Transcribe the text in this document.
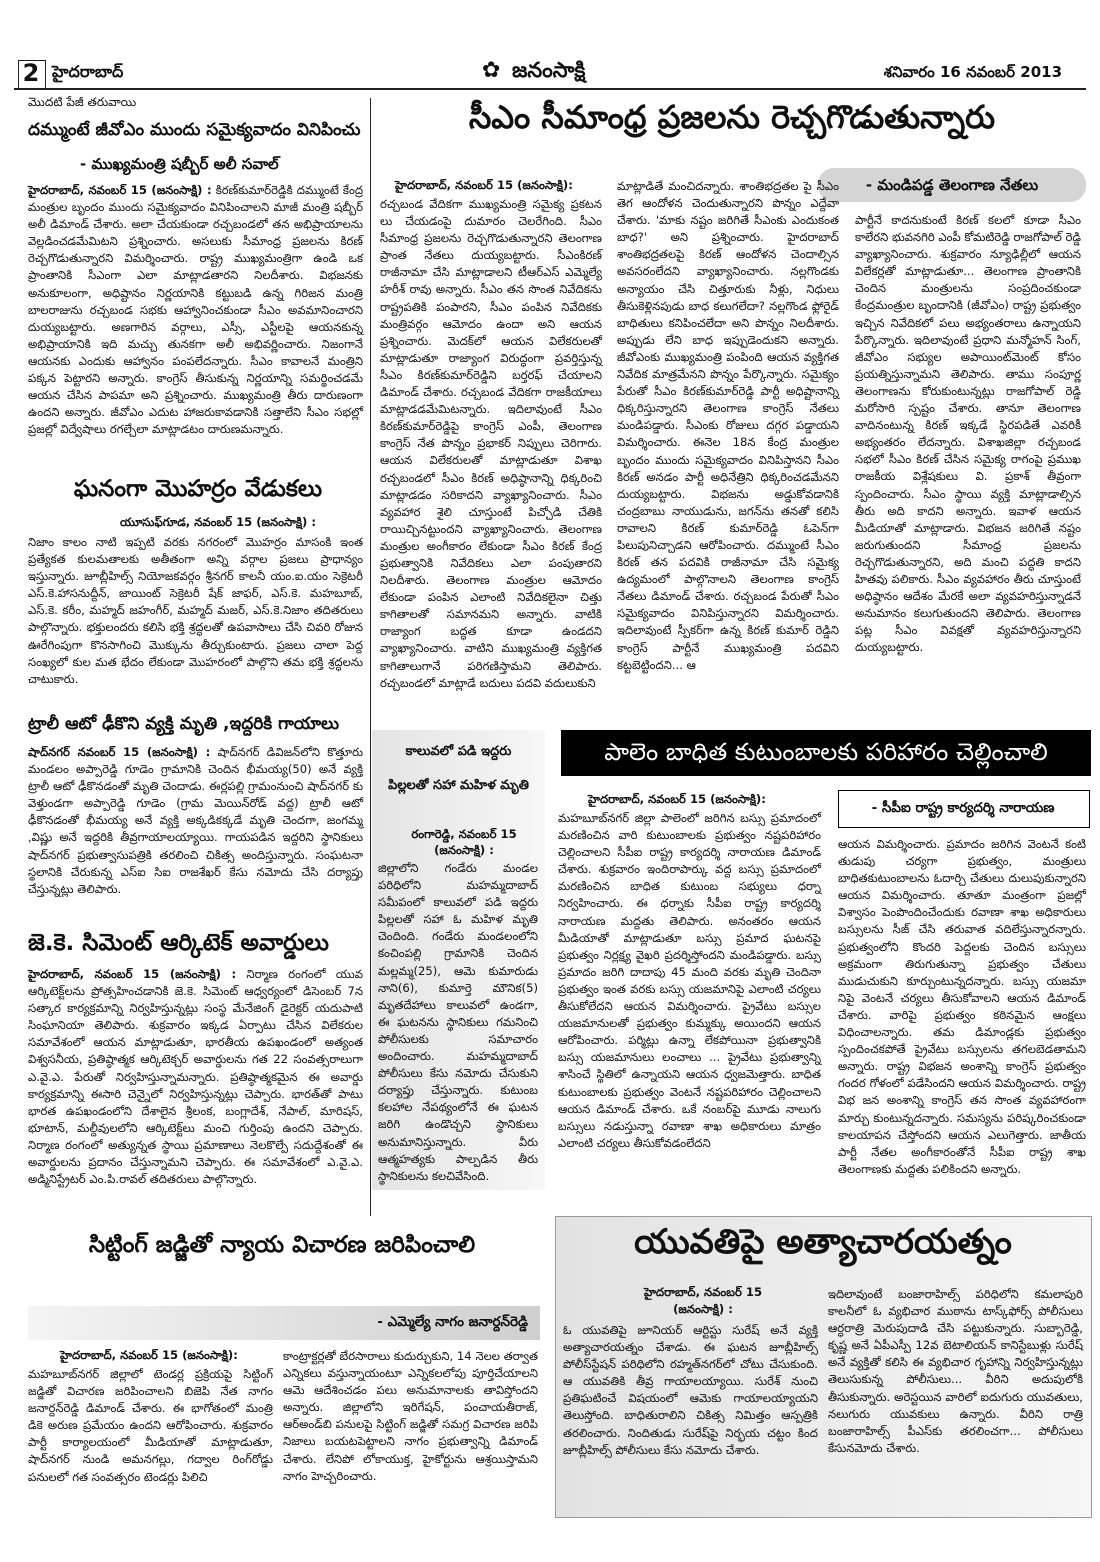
2 హైదరాబాద్	✿ జనంసాక్షి	శనివారం 16 నవంబర్ 2013
మొదటి పేజీ తరువాయి
దమ్ముంటే జీవోఎం ముందు సమైక్యవాదం వినిపించు
- ముఖ్యమంత్రి షబ్బీర్ అలీ సవాల్
హైదరాబాద్, నవంబర్ 15 (జనంసాక్షి) : కిరణ్‌కుమార్‌రెడ్డికి దమ్ముంటే కేంద్ర మంత్రుల బృందం ముందు సమైక్యవాదం వినిపించాలని మాజీ మంత్రి షబ్బీర్ అలీ డిమాండ్ చేశారు. అలా చేయకుండా రచ్చబండలో తన అభిప్రాయాలను వెల్లడించడమేమిటని ప్రశ్నించారు. అసలుకు సీమాంధ్ర ప్రజలను కిరణ్ రెచ్చగొడుతున్నారని విమర్శించారు. రాష్ట్ర ముఖ్యమంత్రిగా ఉండి ఒక ప్రాంతానికి సీఎంగా ఎలా మాట్లాడతారని నిలదీశారు. విభజనకు అనుకూలంగా, అధిష్టానం నిర్ణయానికి కట్టుబడి ఉన్న గిరిజన మంత్రి బాలరాజును రచ్చబండ సభకు ఆహ్వానించకుండా సీఎం అవమానించారని దుయ్యబట్టారు. అణగారిన వర్గాలు, ఎస్సీ, ఎస్టీలపై ఆయనకున్న అభిప్రాయానికి ఇది మచ్చు తునకగా అలీ అభివర్ణించారు. నిజంగానే ఆయనకు ఎందుకు ఆహ్వానం పంపలేదన్నారు. సీఎం కావాలనే మంత్రిని పక్కన పెట్టారని అన్నారు. కాంగ్రెస్ తీసుకున్న నిర్ణయాన్ని సమర్థించడమే ఆయన చేసిన పాపమా అని ప్రశ్నించారు. ముఖ్యమంత్రి తీరు దారుణంగా ఉందని అన్నారు. జీవోఎం ఎదుట హాజరుకావడానికి సత్తాలేని సీఎం సభల్లో ప్రజల్లో విద్వేషాలు రగల్చేలా మాట్లాడటం దారుణమన్నారు.
ఘనంగా మొహర్రం వేడుకలు
యూసుఫ్‌గూడ, నవంబర్ 15 (జనంసాక్షి) :
నిజాం కాలం నాటి ఇప్పటి వరకు నగరంలో మొహర్రం మాసంకి ఇంత ప్రత్యేకత కులమతాలకు అతీతంగా అన్ని వర్గాల ప్రజలు ప్రాధాన్యం ఇస్తున్నారు. జూబ్లీహిల్స్ నియోజకవర్గం శ్రీనగర్ కాలనీ యం.ఐ.యం సెక్రెటరీ ఎస్.కె.హాసనుద్దీన్, జాయింట్ సెక్రెటరీ షేక్ జాఫర్, ఎస్.కె. మహబూబ్, ఎస్.కె. కరీం, మహ్మద్ జహంగీర్, మహ్మద్ మజర్, ఎస్.కె.నిజాం తదితరులు పాల్గొన్నారు. భక్తులందరు కలిసి భక్తి శ్రద్ధలతో ఉపవాసాలు చేసి చివరి రోజున ఊరేగింపుగా కొనసాగించి మొక్కును తీర్చుకుంటారు. ప్రజలు చాలా పెద్ద సంఖ్యలో కుల మత భేదం లేకుండా మొహరంలో పాల్గొని తమ భక్తి శ్రద్ధలను చాటుకారు.
ట్రాలీ ఆటో ఢీకొని వ్యక్తి మృతి ,ఇద్దరికి గాయాలు
షాద్‌నగర్ నవంబర్ 15 (జనంసాక్షి) : షాద్‌నగర్ డివిజన్‌లోని కొత్తూరు మండలం అప్పారెడ్డి గూడెం గ్రామానికి చెందిన భీమయ్య(50) అనే వ్యక్తి ట్రాలీ ఆటో ఢీకొనడంతో మృతి చెందాడు. ఈర్లపల్లి గ్రామంనుంచి షాద్‌నగర్ కు వెళ్తుండగా అప్పారెడ్డి గూడెం (గ్రామ మెయిన్‌రోడ్ వద్ద) ట్రాలీ ఆటో ఢీకొనడంతో భీమయ్య అనే వ్యక్తి అక్కడికక్కడే మృతి చెందగా, జంగమ్మ ,విష్ణు అనే ఇద్దరికి తీవ్రగాయాలయ్యాయి. గాయపడిన ఇద్దరిని స్థానికులు షాద్‌నగర్ ప్రభుత్వాసుపత్రికి తరలించి చికిత్స అందిస్తున్నారు. సంఘటనా స్థలానికి చేరుకున్న ఎస్ఐ సిఐ రాజశేఖర్ కేసు నమోదు చేసి దర్యాప్తు చేస్తున్నట్లు తెలిపారు.
జె.కె. సిమెంట్ ఆర్కిటెక్ అవార్డులు
హైదరాబాద్, నవంబర్ 15 (జనంసాక్షి) : నిర్మాణ రంగంలో యువ ఆర్కిటెక్ట్‌లను ప్రోత్సహించడానికి జె.కె. సిమెంట్ ఆధ్వర్యంలో డిసెంబర్ 7న సత్కార కార్యక్రమాన్ని నిర్వహిస్తున్నట్లు సంస్థ మేనేజింగ్ డైరెక్టర్ యదుపాటి సింఘానియా తెలిపారు. శుక్రవారం ఇక్కడ ఏర్పాటు చేసిన విలేకరుల సమావేశంలో ఆయన మాట్లాడుతూ, భారతీయ ఉపఖండంలో అత్యంత విశ్వసనీయ, ప్రతిష్ఠాత్మక ఆర్కిటెక్చర్ అవార్డులను గత 22 సంవత్సరాలుగా ఎ.వై.ఎ. పేరుతో నిర్వహిస్తున్నామన్నారు. ప్రతిష్ఠాత్మకమైన ఈ అవార్డు కార్యక్రమాన్ని ఈసారి చెన్నైలో నిర్వహిస్తున్నట్లు చెప్పారు. భారత్‌తో పాటు భారత ఉపఖండంలోని దేశాలైన శ్రీలంక, బంగ్లాదేశ్, నేపాల్, మారిషస్, భూటాన్, మల్దీవులలోని ఆర్కిటెక్ట్‌లు మంచి గుర్తింపు ఉందని చెప్పారు. నిర్మాణ రంగంలో అత్యున్నత స్థాయి ప్రమాణాలు నెలకొల్పే సదుద్దేశంతో ఈ అవార్డులను ప్రదానం చేస్తున్నామని చెప్పారు. ఈ సమావేశంలో ఎ.వై.ఎ. అడ్మినిస్ట్రేటర్ ఎం.పి.రావల్ తదితరులు పాల్గొన్నారు.
సీఎం సీమాంధ్ర ప్రజలను రెచ్చగొడుతున్నారు
- మండిపడ్డ తెలంగాణ నేతలు
హైదరాబాద్, నవంబర్ 15 (జనంసాక్షి):
రచ్చబండ వేదికగా ముఖ్యమంత్రి సమైక్య ప్రకటన లు చేయడంపై దుమారం చెలరేగింది. సీఎం సీమాంధ్ర ప్రజలను రెచ్చగొడుతున్నారని తెలంగాణ ప్రాంత నేతలు దుయ్యబట్టారు. సీఎంకిరణ్ రాజీనామా చేసి మాట్లాడాలని టీఆర్ఎస్ ఎమ్మెల్యే హరీశ్ రావు అన్నారు. సీఎం తన సొంత నివేదికను రాష్ట్రపతికి పంపారని, సీఎం పంపిన నివేదికకు మంత్రివర్గం ఆమోదం ఉందా అని ఆయన ప్రశ్నించారు. మెదక్‌లో ఆయన విలేకరులతో మాట్లాడుతూ రాజ్యాంగ విరుద్ధంగా ప్రవర్తిస్తున్న సీఎం కిరణ్‌కుమార్‌రెడ్డిని బర్తరఫ్ చేయాలని డిమాండ్ చేశారు. రచ్చబండ వేదికగా రాజకీయాలు మాట్లాడడమేమిటన్నారు. ఇదిలావుంటే సీఎం కిరణ్‌కుమార్‌రెడ్డిపై కాంగ్రెస్ ఎంపీ, తెలంగాణ కాంగ్రెస్ నేత పొన్నం ప్రభాకర్ నిప్పులు చెరిగారు. ఆయన విలేకరులతో మాట్లాడుతూ విశాఖ రచ్చబండలో సీఎం కిరణ్ అధిష్ఠానాన్ని ధిక్కరించి మాట్లాడడం సరికాదని వ్యాఖ్యానించారు. సీఎం వ్యవహార శైలి చూస్తుంటే పిచ్చోడి చేతికి రాయిచ్చినట్టుందని వ్యాఖ్యానించారు. తెలంగాణ మంత్రుల అంగీకారం లేకుండా సీఎం కిరణ్ కేంద్ర ప్రభుత్వానికి నివేదికలు ఎలా పంపుతారని నిలదీశారు. తెలంగాణ మంత్రుల ఆమోదం లేకుండా పంపిన ఎలాంటి నివేదికలైనా చిత్తు కాగితాలతో సమానమని అన్నారు. వాటికి రాజ్యాంగ బద్ధత కూడా ఉండదని వ్యాఖ్యానించారు. వాటిని ముఖ్యమంత్రి వ్యక్తిగత కాగితాలుగానే పరిగణిస్తామని తెలిపారు. రచ్చబండలో మాట్లాడే బదులు పదవి వదులుకుని
మాట్లాడితే మంచిదన్నారు. శాంతిభద్రతల పై సీఎం తెగ ఆందోళన చెందుతున్నారని పొన్నం ఎద్దేవా చేశారు. 'మాకు నష్టం జరిగితే సీఎంకు ఎందుకంత బాధ?' అని ప్రశ్నించారు. హైదరాబాద్ శాంతిభద్రతలపై కిరణ్ ఆందోళన చెందాల్సిన అవసరంలేదని వ్యాఖ్యానించారు. నల్లగొండకు అన్యాయం చేసి చిత్తూరుకు నీళ్లు, నిధులు తీసుకెళ్లినపుడు బాధ కలుగలేదా? నల్లగొండ ఫ్లోరైడ్ బాధితులు కనిపించలేదా అని పొన్నం నిలదీశారు. అప్పుడు లేని బాధ ఇప్పుడెందుకని అన్నారు. జీవోఎంకు ముఖ్యమంత్రి పంపింది ఆయన వ్యక్తిగత నివేదిక మాత్రమేనని పొన్నం పేర్కొన్నారు. సమైక్యం పేరుతో సీఎం కిరణ్‌కుమార్‌రెడ్డి పార్టీ అధిష్టానాన్ని ధిక్కరిస్తున్నారని తెలంగాణ కాంగ్రెస్ నేతలు మండిపడ్డారు. సీఎంకు రోజులు దగ్గర పడ్డాయని విమర్శించారు. ఈనెల 18న కేంద్ర మంత్రుల బృందం ముందు సమైక్యవాదం వినిపిస్తానని సీఎం కిరణ్ అనడం పార్టీ అధినేత్రిని ధిక్కరించడమేనని దుయ్యబట్టారు. విభజను అడ్డుకోవడానికి చంద్రబాబు నాయుడును, జగన్‌ను తనతో కలిసి రావాలని కిరణ్ కుమార్‌రెడ్డి ఓపెన్‌గా పిలుపునిచ్చాడని ఆరోపించారు. దమ్ముంటే సీఎం కిరణ్ తన పదవికి రాజీనామా చేసి సమైక్య ఉద్యమంలో పాల్గొనాలని తెలంగాణ కాంగ్రెస్ నేతలు డిమాండ్ చేశారు. రచ్చబండ పేరుతో సీఎం సమైక్యవాదం వినిపిస్తున్నారని విమర్శించారు. ఇదిలావుంటే స్పీకర్‌గా ఉన్న కిరణ్ కుమార్ రెడ్డిని కాంగ్రెస్ పార్టీనే ముఖ్యమంత్రి పదవిని కట్టబెట్టిందని... ఆ
పార్టీనే కాదనుకుంటే కిరణ్ కలలో కూడా సీఎం కాలేరని భువనగిరి ఎంపీ కోమటిరెడ్డి రాజగోపాల్ రెడ్డి వ్యాఖ్యానించారు. శుక్రవారం న్యూఢిల్లీలో ఆయన విలేకర్లతో మాట్లాడుతూ... తెలంగాణ ప్రాంతానికి చెందిన మంత్రులను సంప్రదించకుండా కేంద్రమంత్రుల బృందానికి (జీవోఎం) రాష్ట్ర ప్రభుత్వం ఇచ్చిన నివేదికలో పలు అభ్యంతరాలు ఉన్నాయని పేర్కొన్నారు. ఇదిలావుంటే ప్రధాని మన్మోహన్ సింగ్, జీవోఎం సభ్యుల అపాయింట్‌మెంట్ కోసం ప్రయత్నిస్తున్నామని తెలిపారు. తాము సంపూర్ణ తెలంగాణను కోరుకుంటున్నట్లు రాజగోపాల్ రెడ్డి మరోసారి స్పష్టం చేశారు. తానూ తెలంగాణ వాదినంటున్న కిరణ్ ఇక్కడే స్థిరపడితే ఎవరికీ అభ్యంతరం లేదన్నారు. విశాఖజిల్లా రచ్చబండ సభలో సీఎం కిరణ్ చేసిన సమైక్య రాగంపై ప్రముఖ రాజకీయ విశ్లేషకులు వి. ప్రకాశ్ తీవ్రంగా స్పందించారు. సీఎం స్థాయి వ్యక్తి మాట్లాడాల్సిన తీరు అది కాదని అన్నారు. ఇవాళ ఆయన మీడియాతో మాట్లాడారు. విభజన జరిగితే నష్టం జరుగుతుందని సీమాంధ్ర ప్రజలను రెచ్చగొడుతున్నారని, అది మంచి పద్ధతి కాదని హితవు పలికారు. సీఎం వ్యవహారం తీరు చూస్తుంటే అధిష్ఠానం ఆదేశం మేరకే అలా వ్యవహరిస్తున్నాడనే అనుమానం కలుగుతుందని తెలిపారు. తెలంగాణ పట్ల సీఎం వివక్షతో వ్యవహరిస్తున్నారని దుయ్యబట్టారు.
కాలువలో పడి ఇద్దరు
పిల్లలతో సహా మహిళ మృతి
రంగారెడ్డి, నవంబర్ 15 (జనంసాక్షి) :
జిల్లాలోని గండేరు మండల పరిధిలోని మహమ్మదాబాద్ సమీపంలో కాలువలో పడి ఇద్దరు పిల్లలతో సహా ఓ మహిళ మృతి చెందింది. గండేరు మండలంలోని కంచింపల్లి గ్రామానికి చెందిన మల్లమ్మ(25), ఆమె కుమారుడు నాని(6), కుమార్తె మౌనిక(5) మృతదేహాలు కాలువలో ఉండగా, ఈ ఘటనను స్థానికులు గమనించి పోలీసులకు సమాచారం అందించారు. మహమ్మదాబాద్ పోలీసులు కేసు నమోదు చేసుకుని దర్యాప్తు చేస్తున్నారు. కుటుంబ కలహాల నేపథ్యంలోనే ఈ ఘటన జరిగి ఉండొచ్చని స్థానికులు అనుమానిస్తున్నారు. వీరు ఆత్మహత్యకు పాల్పడిన తీరు స్థానికులను కలచివేసింది.
పాలెం బాధిత కుటుంబాలకు పరిహారం చెల్లించాలి
- సీపీఐ రాష్ట్ర కార్యదర్శి నారాయణ
హైదరాబాద్, నవంబర్ 15 (జనంసాక్షి):
మహబూబ్‌నగర్ జిల్లా పాలెంలో జరిగిన బస్సు ప్రమాదంలో మరణించిన వారి కుటుంబాలకు ప్రభుత్వం నష్టపరిహారం చెల్లించాలని సీపీఐ రాష్ట్ర కార్యదర్శి నారాయణ డిమాండ్ చేశారు. శుక్రవారం ఇందిరాపార్కు వద్ద బస్సు ప్రమాదంలో మరణించిన బాధిత కుటుంబ సభ్యులు ధర్నా నిర్వహించారు. ఈ ధర్నాకు సీపీఐ రాష్ట్ర కార్యదర్శి నారాయణ మద్దతు తెలిపారు. అనంతరం ఆయన మీడియాతో మాట్లాడుతూ బస్సు ప్రమాద ఘటనపై ప్రభుత్వం నిర్లక్ష్య వైఖరి ప్రదర్శిస్తోందని మండిపడ్డారు. బస్సు ప్రమాదం జరిగి దాదాపు 45 మంది వరకు మృతి చెందినా ప్రభుత్వం ఇంత వరకు బస్సు యజమానిపై ఎలాంటి చర్యలు తీసుకోలేదని ఆయన విమర్శించారు. ప్రైవేటు బస్సుల యజమానులతో ప్రభుత్వం కుమ్మక్కు అయిందని ఆయన ఆరోపించారు. పర్మిట్లు ఉన్నా లేకపోయినా ప్రభుత్వానికి బస్సు యజమానులు లంచాలు ... ప్రైవేటు ప్రభుత్వాన్ని శాసించే స్థితిలో ఉన్నాయని ఆయన ధ్వజమెత్తారు. బాధిత కుటుంబాలకు ప్రభుత్వం వెంటనే నష్టపరిహారం చెల్లించాలని ఆయన డిమాండ్ చేశారు. ఒకే నంబర్‌పై మూడు నాలుగు బస్సులు నడుస్తున్నా రవాణా శాఖ అధికారులు మాత్రం ఎలాంటి చర్యలు తీసుకోవడంలేదని
ఆయన విమర్శించారు. ప్రమాదం జరిగిన వెంటనే కంటి తుడుపు చర్యగా ప్రభుత్వం, మంత్రులు బాధితకుటుంబాలను ఓదార్చి చేతులు దులుపుకున్నారని ఆయన విమర్శించారు. తూతూ మంత్రంగా ప్రజల్లో విశ్వాసం పెంపొందించేందుకు రవాణా శాఖ అధికారులు బస్సులను సీజ్ చేసి తరువాత వదిలేస్తున్నారన్నారు. ప్రభుత్వంలోని కొందరి పెద్దలకు చెందిన బస్సులు అక్రమంగా తిరుగుతున్నా ప్రభుత్వం చేతులు ముడుచుకుని కూర్చుంటున్నదన్నారు. బస్సు యజమా నిపై వెంటనే చర్యలు తీసుకోవాలని ఆయన డిమాండ్ చేశారు. వారిపై ప్రభుత్వం కఠినమైన ఆంక్షలు విధించాలన్నారు. తమ డిమాండ్లకు ప్రభుత్వం స్పందించకపోతే ప్రైవేటు బస్సులను తగలబెడతామని అన్నారు. రాష్ట్ర విభజన అంశాన్ని కాంగ్రెస్ ప్రభుత్వం గందర గోళంలో పడేసిందని ఆయన విమర్శించారు. రాష్ట్ర విభ జన అంశాన్ని కాంగ్రెస్ తన సొంత వ్యవహారంగా మార్చు కుంటున్నదన్నారు. సమస్యను పరిష్కరించకుండా కాలయాపన చేస్తోందని ఆయన ఎలుగెత్తారు. జాతీయ పార్టీ నేతల అంగీకారంతోనే సీపీఐ రాష్ట్ర శాఖ తెలంగాణకు మద్దతు పలికిందని అన్నారు.
సిట్టింగ్ జడ్జితో న్యాయ విచారణ జరిపించాలి
- ఎమ్మెల్యే నాగం జనార్దన్‌రెడ్డి
హైదరాబాద్, నవంబర్ 15 (జనంసాక్షి):
మహబూబ్‌నగర్ జిల్లాలో టెండర్ల ప్రక్రియపై సిట్టింగ్ జడ్జితో విచారణ జరిపించాలని బిజెపి నేత నాగం జనార్దన్‌రెడ్డి డిమాండ్ చేశారు. ఈ భాగోతంలో మంత్రి డికె అరుణ ప్రమేయం ఉందని ఆరోపించారు. శుక్రవారం పార్టీ కార్యాలయంలో మీడియాతో మాట్లాడుతూ, షాద్‌నగర్ నుండి అమనగల్లు, గద్వాల రింగ్‌రోడ్డు పనులలో గత సంవత్సరం టెండర్లు పిలిచి
కాంట్రాక్టర్లతో బేరసారాలు కుదుర్చుకుని, 14 నెలల తర్వాత ఎన్నికలు వస్తున్నాయంటూ ఎన్నికలలోపు పూర్తిచేయాలని ఆమె ఆదేశించడం పలు అనుమానాలకు తావిస్తోందని అన్నారు. జిల్లాలోని ఇరిగేషన్, పంచాయతీరాజ్, ఆర్‌అండ్‌బి పనులపై సిట్టింగ్ జడ్జితో సమగ్ర విచారణ జరిపి నిజాలు బయటపెట్టాలని నాగం ప్రభుత్వాన్ని డిమాండ్ చేశారు. లేనిపో లోకాయుక్త, హైకోర్టును ఆశ్రయిస్తామని నాగం హెచ్చరించారు.
యువతిపై అత్యాచారయత్నం
హైదరాబాద్, నవంబర్ 15 (జనంసాక్షి) :
ఓ యువతిపై జూనియర్ ఆర్టిస్టు సురేష్ అనే వ్యక్తి అత్యాచారయత్నం చేశాడు. ఈ ఘటన జూబ్లీహిల్స్ పోలీస్‌స్టేషన్ పరిధిలోని రహ్మత్‌నగర్‌లో చోటు చేసుకుంది. ఆ యువతికి తీవ్ర గాయాలయ్యాయి. సురేశ్ నుంచి ప్రతిఘటించే విషయంలో ఆమెకు గాయాలయ్యాయని తెలుస్తోంది. బాధితురాలిని చికిత్స నిమిత్తం ఆస్పత్రికి తరలించారు. నిందితుడు సురేష్‌పై నిర్భయ చట్టం కింద జూబ్లీహిల్స్ పోలీసులు కేసు నమోదు చేశారు.
ఇదిలావుంటే బంజారాహిల్స్ పరిధిలోని కమలాపురి కాలనీలో ఓ వ్యభిచార ముఠాను టాస్క్‌ఫోర్స్ పోలీసులు ఆర్ధరాత్రి మెరుపుదాడి చేసి పట్టుకున్నారు. సుబ్బారెడ్డి, కృష్ణ అనే ఏపీఎస్పీ 12వ బెటాలియన్ కానిస్టేబుళ్లు సురేష్ అనే వ్యక్తితో కలిసి ఈ వ్యభిచార గృహాన్ని నిర్వహిస్తున్నట్లు తెలుసుకున్న పోలీసులు... వీరిని అదుపులోకి తీసుకున్నారు. అరెస్టయిన వారిలో ఐదుగురు యువతులు, నలుగురు యువకులు ఉన్నారు. వీరిని రాత్రి బంజారాహిల్స్ పీఎస్‌కు తరలించగా... పోలీసులు కేసునమోదు చేశారు.
